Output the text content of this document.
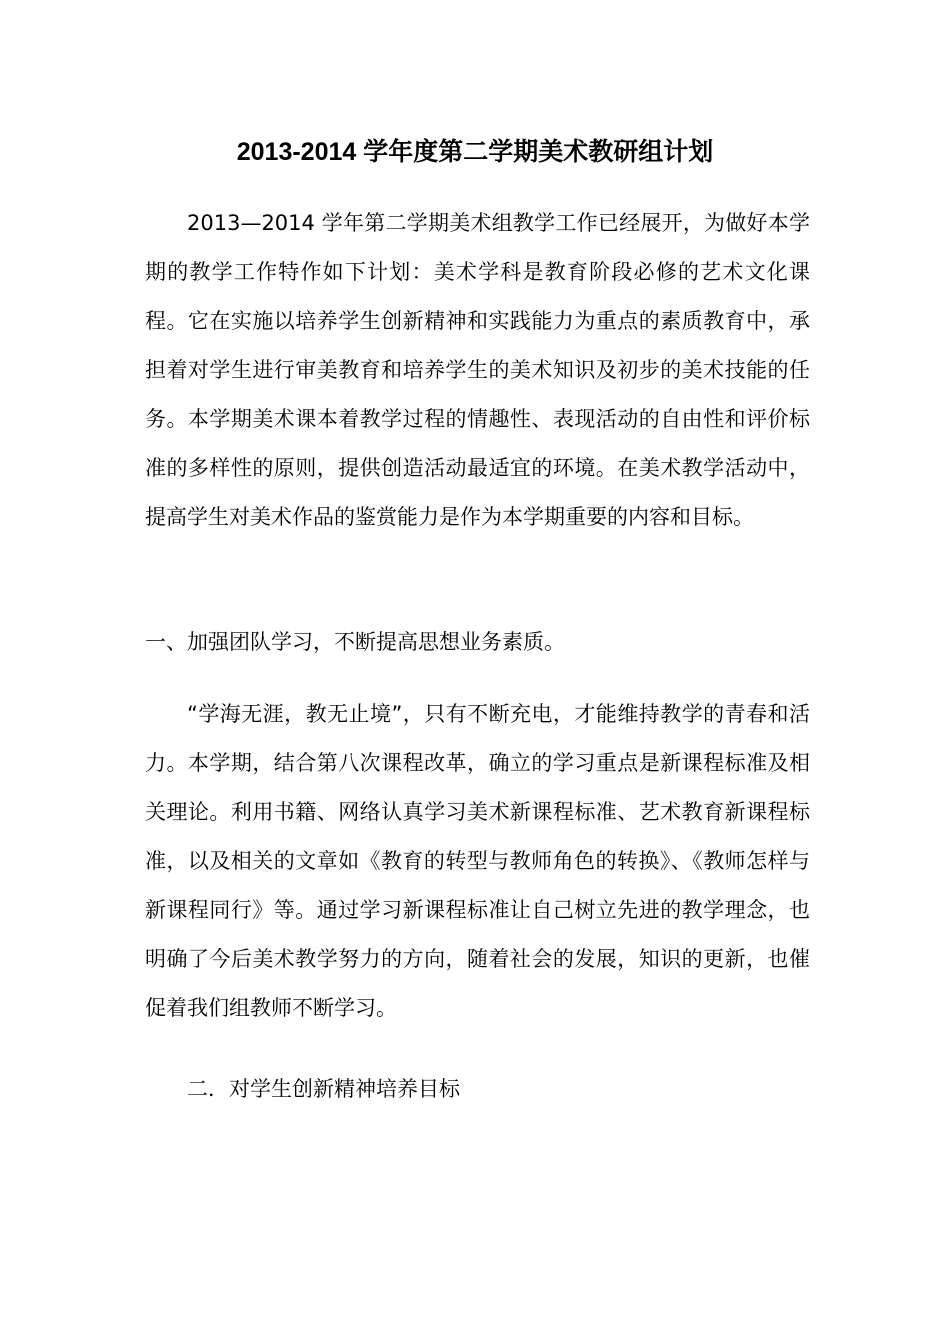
2013-2014 学年度第二学期美术教研组计划

2013—2014 学年第二学期美术组教学工作已经展开，为做好本学期的教学工作特作如下计划：美术学科是教育阶段必修的艺术文化课程。它在实施以培养学生创新精神和实践能力为重点的素质教育中，承担着对学生进行审美教育和培养学生的美术知识及初步的美术技能的任务。本学期美术课本着教学过程的情趣性、表现活动的自由性和评价标准的多样性的原则，提供创造活动最适宜的环境。在美术教学活动中，提高学生对美术作品的鉴赏能力是作为本学期重要的内容和目标。

一、加强团队学习，不断提高思想业务素质。

“学海无涯，教无止境”，只有不断充电，才能维持教学的青春和活力。本学期，结合第八次课程改革，确立的学习重点是新课程标准及相关理论。利用书籍、网络认真学习美术新课程标准、艺术教育新课程标准，以及相关的文章如《教育的转型与教师角色的转换》、《教师怎样与新课程同行》等。通过学习新课程标准让自己树立先进的教学理念，也明确了今后美术教学努力的方向，随着社会的发展，知识的更新，也催促着我们组教师不断学习。

二．对学生创新精神培养目标
